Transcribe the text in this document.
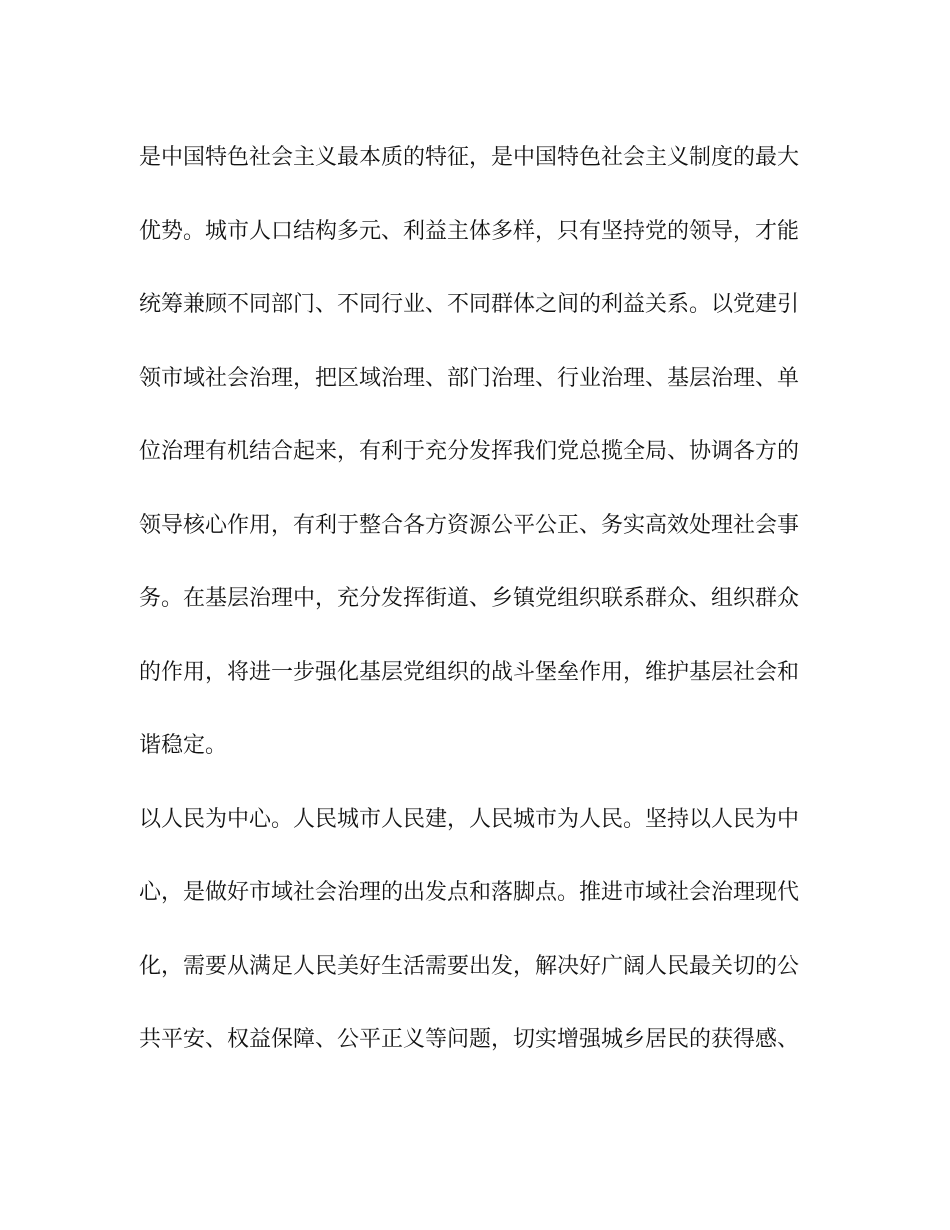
是中国特色社会主义最本质的特征，是中国特色社会主义制度的最大
优势。城市人口结构多元、利益主体多样，只有坚持党的领导，才能
统筹兼顾不同部门、不同行业、不同群体之间的利益关系。以党建引
领市域社会治理，把区域治理、部门治理、行业治理、基层治理、单
位治理有机结合起来，有利于充分发挥我们党总揽全局、协调各方的
领导核心作用，有利于整合各方资源公平公正、务实高效处理社会事
务。在基层治理中，充分发挥街道、乡镇党组织联系群众、组织群众
的作用，将进一步强化基层党组织的战斗堡垒作用，维护基层社会和
谐稳定。
以人民为中心。人民城市人民建，人民城市为人民。坚持以人民为中
心，是做好市域社会治理的出发点和落脚点。推进市域社会治理现代
化，需要从满足人民美好生活需要出发，解决好广阔人民最关切的公
共平安、权益保障、公平正义等问题，切实增强城乡居民的获得感、
